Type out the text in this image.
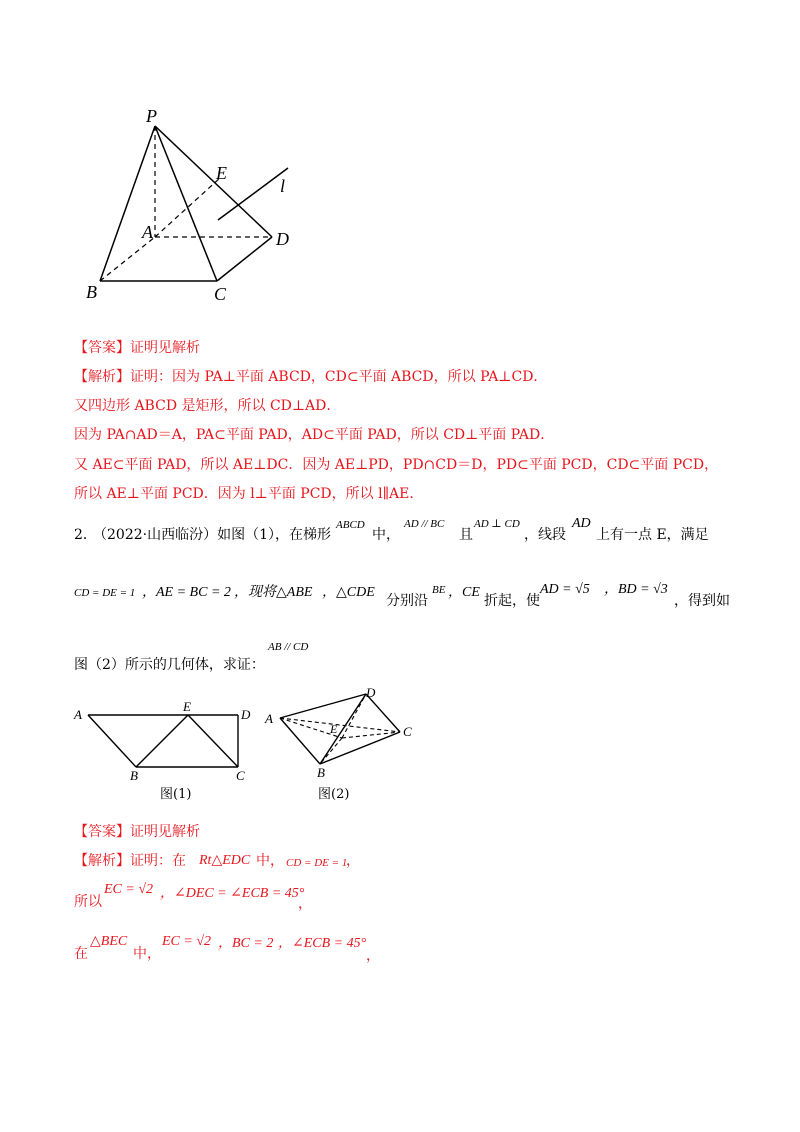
P
E
l
A	D
B	C
【答案】证明见解析
【解析】证明：因为 PA⊥平面 ABCD，CD⊂平面 ABCD，所以 PA⊥CD．
又四边形 ABCD 是矩形，所以 CD⊥AD．
因为 PA∩AD＝A，PA⊂平面 PAD，AD⊂平面 PAD，所以 CD⊥平面 PAD．
又 AE⊂平面 PAD，所以 AE⊥DC．因为 AE⊥PD，PD∩CD＝D，PD⊂平面 PCD，CD⊂平面 PCD，
所以 AE⊥平面 PCD．因为 l⊥平面 PCD，所以 l∥AE．
2．
（2022·山西临汾）如图（1），在梯形
ABCD
中，
AD // BC
且
AD ⊥ CD
，线段
AD
上有一点 E，满足
CD = DE = 1 ，AE = BC = 2 ，现将△ABE ，△CDE
分别沿
BE ，CE
折起，使
AD = √5 ，BD = √3
，得到如
图（2）所示的几何体，求证：
AB // CD
A
E
D
B	C
图(1)
A
D
E	C
B
图(2)
【答案】证明见解析
【解析】证明：在 Rt△EDC 中， CD = DE = 1
，
所以
EC = √2 ，∠DEC = ∠ECB = 45°
，
在
△BEC
中，
EC = √2 ，BC = 2 ，∠ECB = 45°
，
